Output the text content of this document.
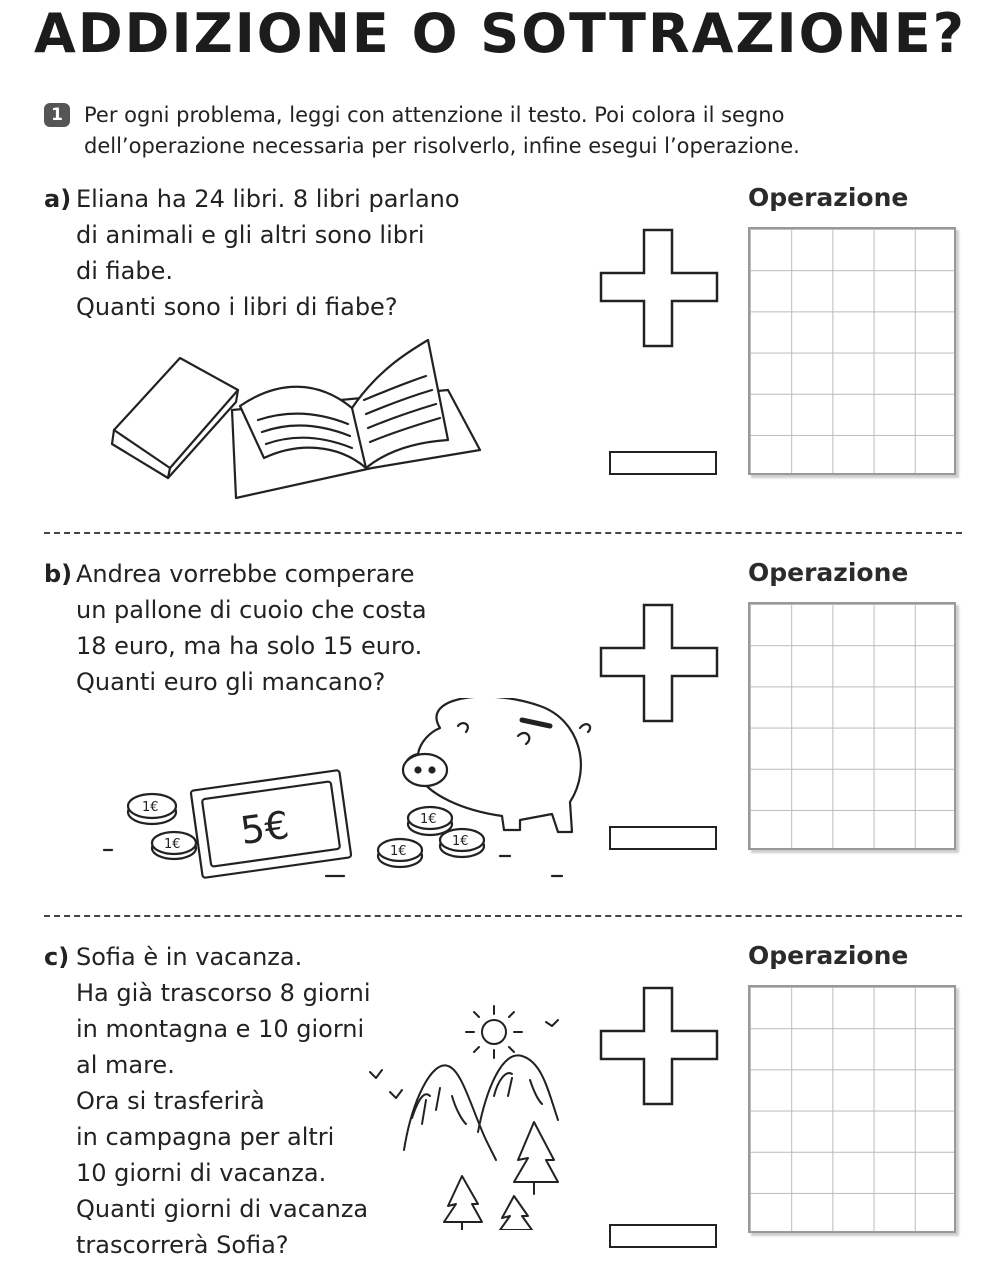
ADDIZIONE O SOTTRAZIONE?
1 Per ogni problema, leggi con attenzione il testo. Poi colora il segno
dell’operazione necessaria per risolverlo, infine esegui l’operazione.
a) Eliana ha 24 libri. 8 libri parlano
di animali e gli altri sono libri
di fiabe.
Quanti sono i libri di fiabe?
Operazione
b) Andrea vorrebbe comperare
un pallone di cuoio che costa
18 euro, ma ha solo 15 euro.
Quanti euro gli mancano?
Operazione
5€
1€
1€
1€
1€
1€
c) Sofia è in vacanza.
Ha già trascorso 8 giorni
in montagna e 10 giorni
al mare.
Ora si trasferirà
in campagna per altri
10 giorni di vacanza.
Quanti giorni di vacanza
trascorrerà Sofia?
Operazione
